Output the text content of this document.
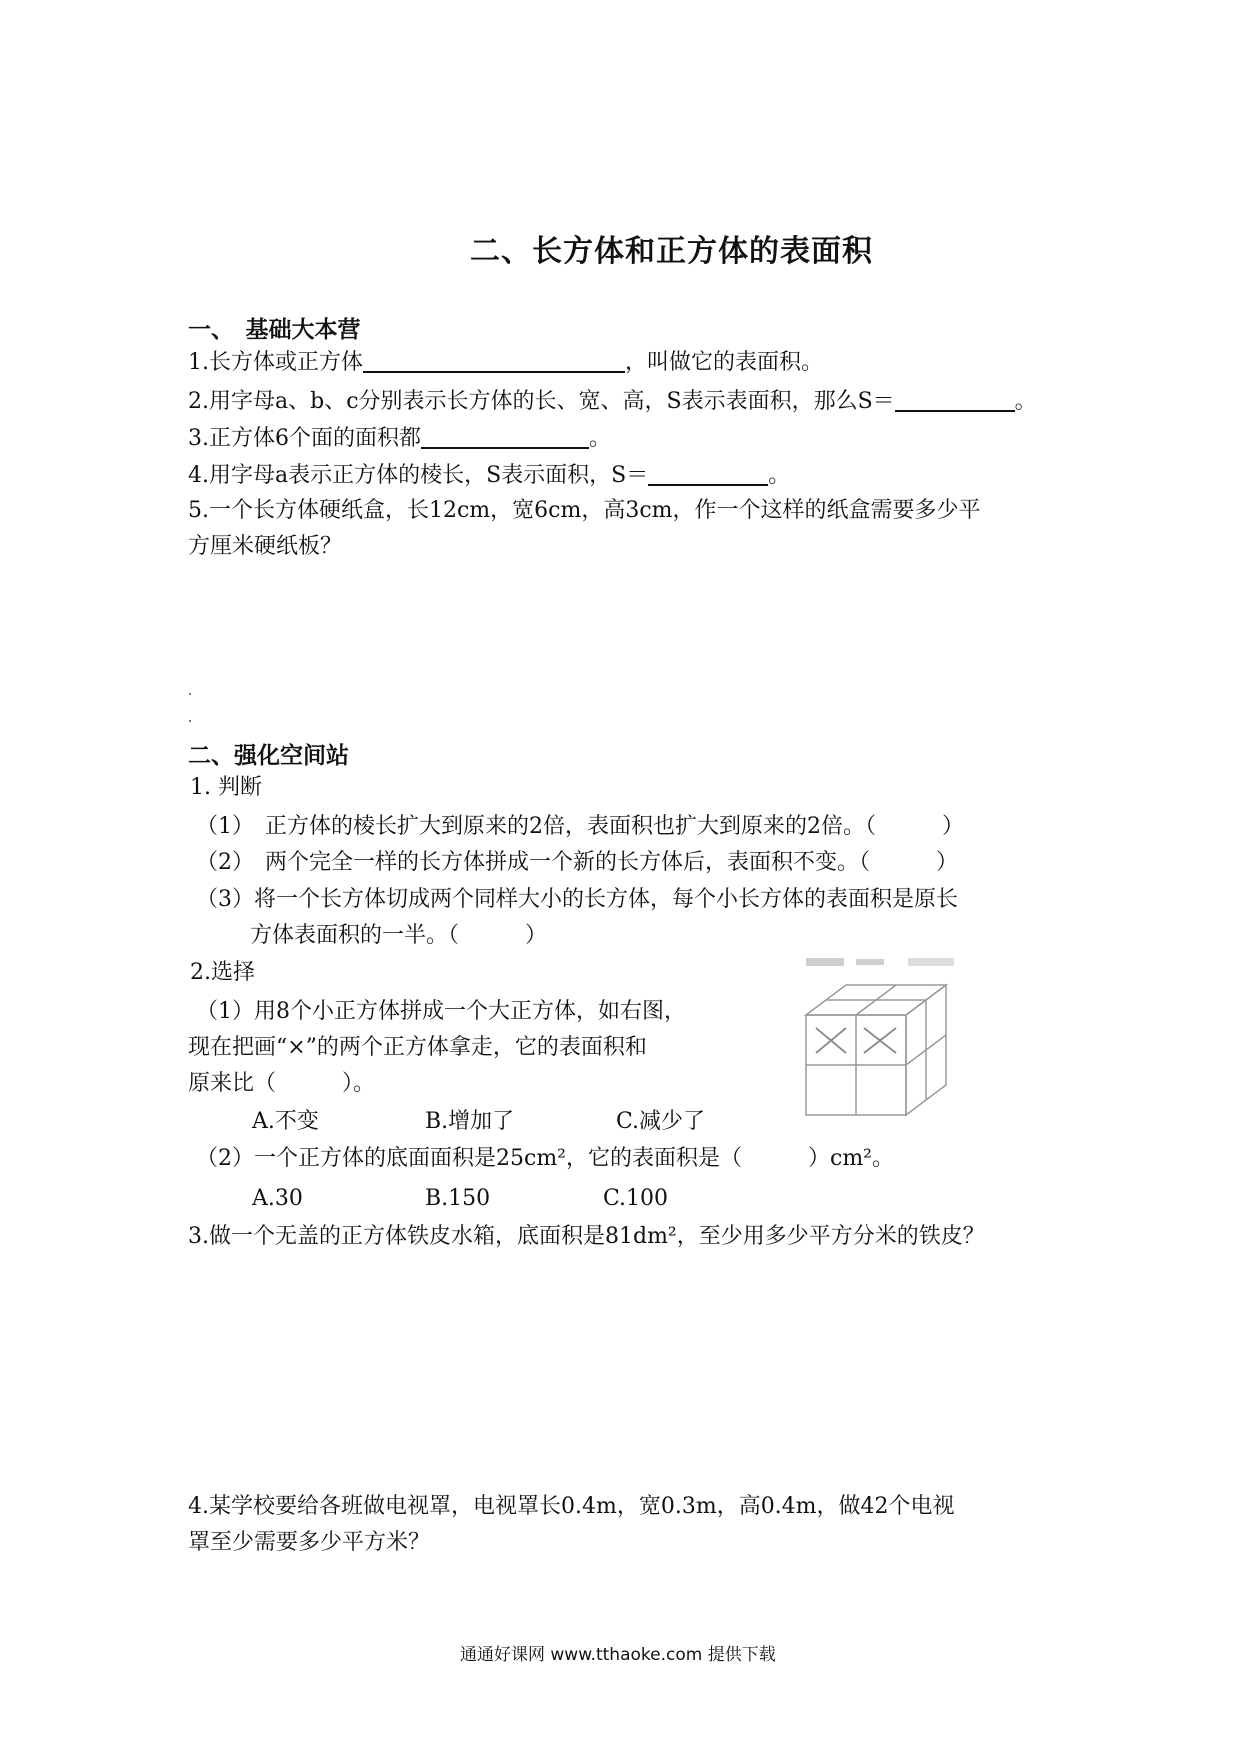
二、长方体和正方体的表面积
一、　基础大本营
1.长方体或正方体	，叫做它的表面积。
2.用字母a、b、c分别表示长方体的长、宽、高，S表示表面积，那么S＝	。
3.正方体6个面的面积都	。
4.用字母a表示正方体的棱长，S表示面积，S＝	。
5.一个长方体硬纸盒，长12cm，宽6cm，高3cm，作一个这样的纸盒需要多少平
方厘米硬纸板？
二、强化空间站
1. 判断
（1）　正方体的棱长扩大到原来的2倍，表面积也扩大到原来的2倍。（　　　）
（2）　两个完全一样的长方体拼成一个新的长方体后，表面积不变。（　　　）
（3）将一个长方体切成两个同样大小的长方体，每个小长方体的表面积是原长
方体表面积的一半。（　　　）
2.选择
（1）用8个小正方体拼成一个大正方体，如右图，
现在把画“×”的两个正方体拿走，它的表面积和
原来比（　　　）。
A.不变	B.增加了	C.减少了
（2）一个正方体的底面面积是25cm²，它的表面积是（　　　）cm²。
A.30	B.150	C.100
3.做一个无盖的正方体铁皮水箱，底面积是81dm²，至少用多少平方分米的铁皮？
4.某学校要给各班做电视罩，电视罩长0.4m，宽0.3m，高0.4m，做42个电视
罩至少需要多少平方米？
通通好课网 www.tthaoke.com 提供下载
